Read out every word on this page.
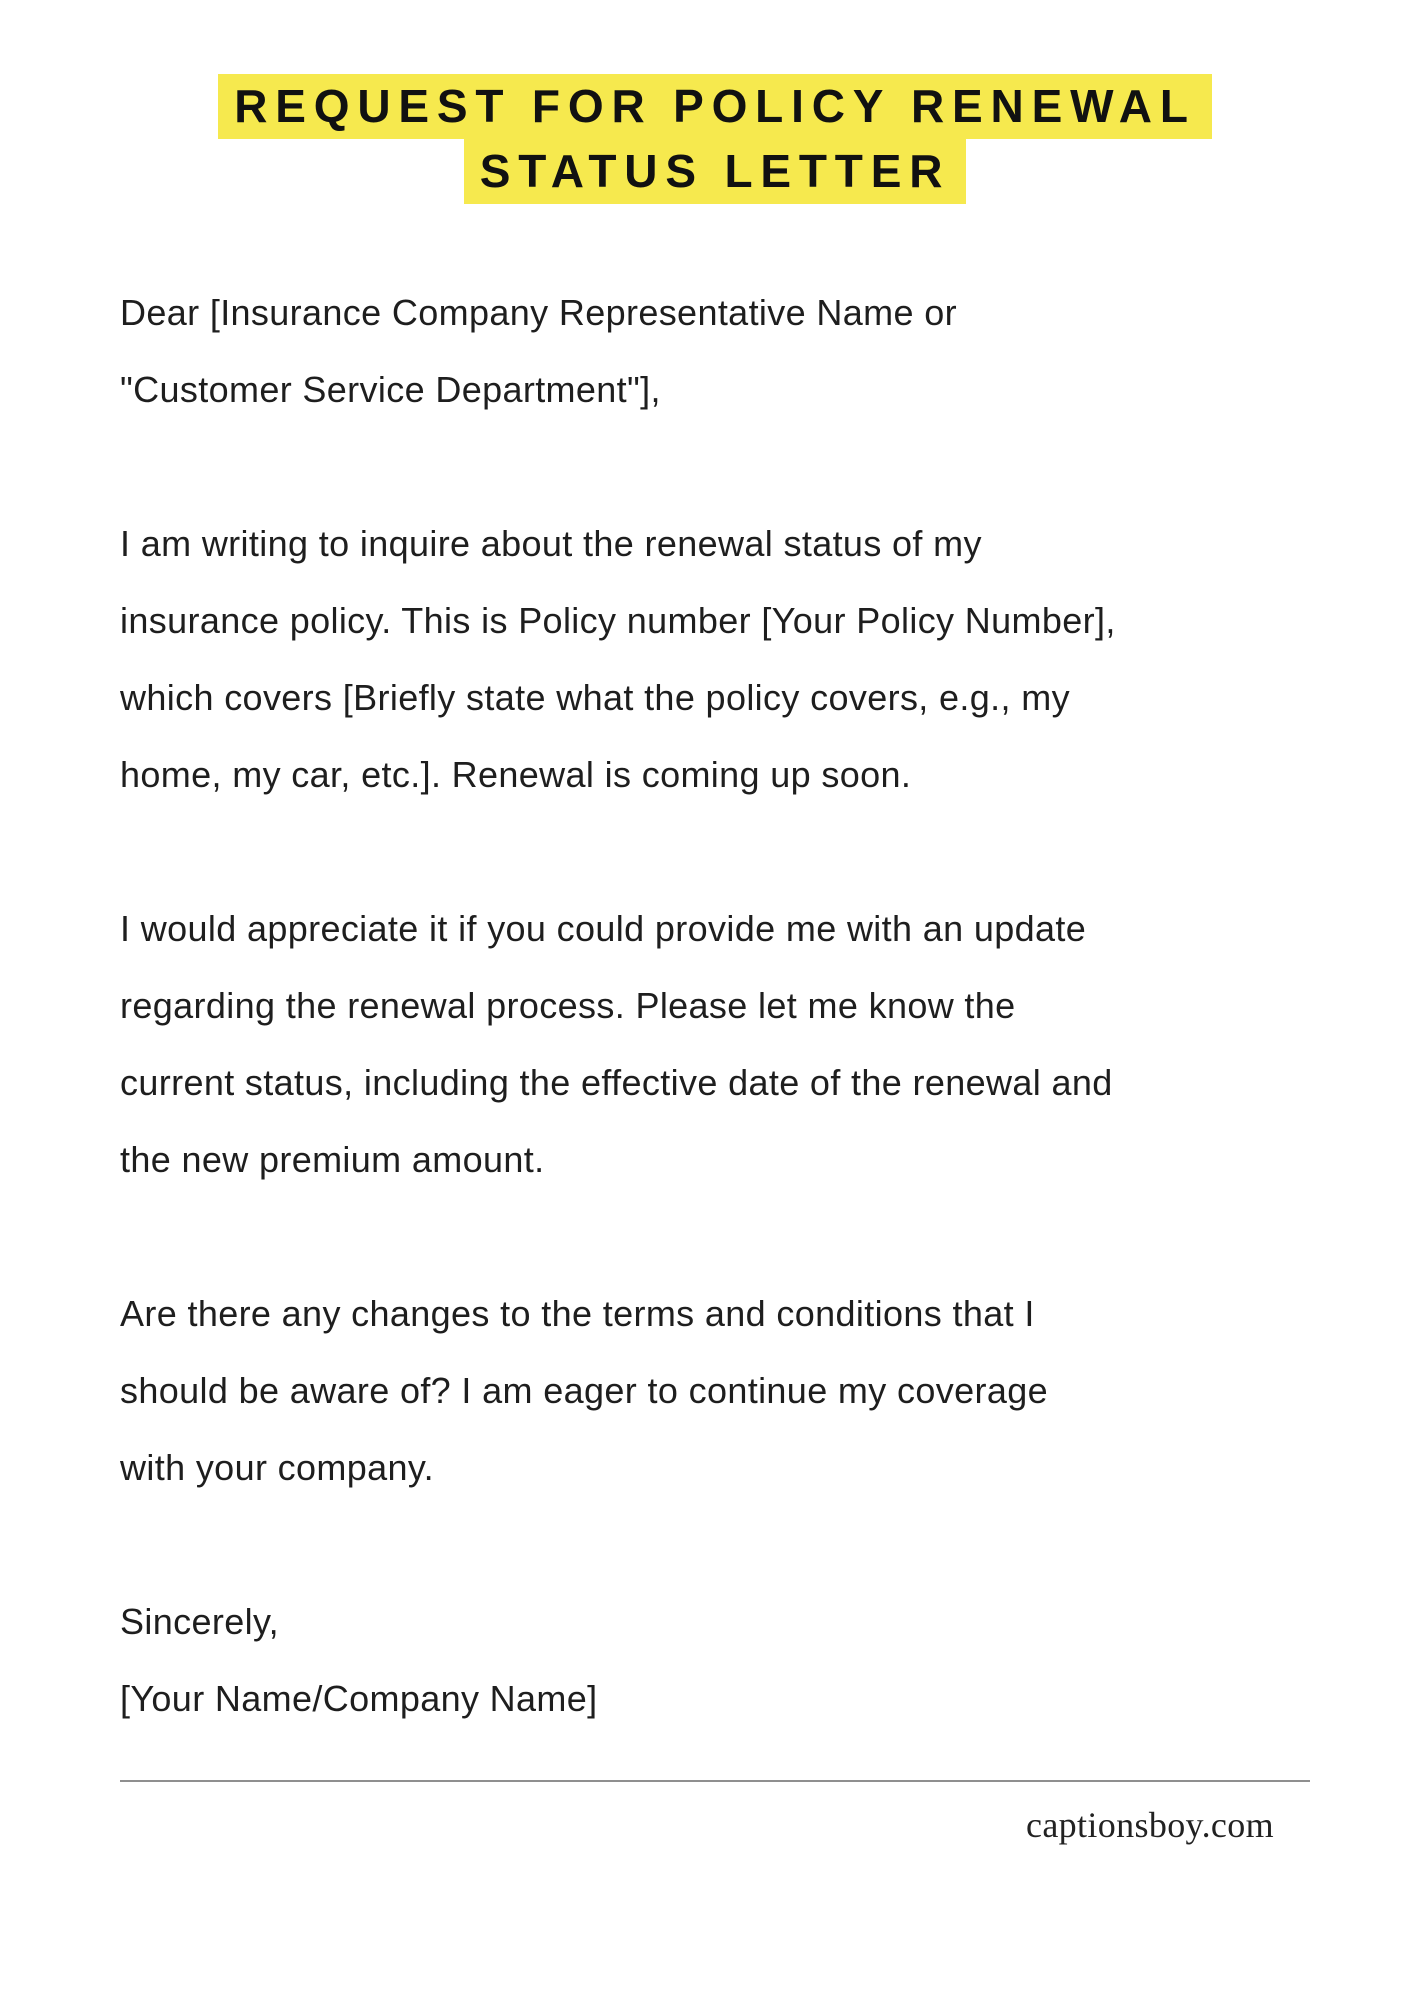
REQUEST FOR POLICY RENEWAL
STATUS LETTER

Dear [Insurance Company Representative Name or "Customer Service Department"],

I am writing to inquire about the renewal status of my insurance policy. This is Policy number [Your Policy Number], which covers [Briefly state what the policy covers, e.g., my home, my car, etc.]. Renewal is coming up soon.

I would appreciate it if you could provide me with an update regarding the renewal process. Please let me know the current status, including the effective date of the renewal and the new premium amount.

Are there any changes to the terms and conditions that I should be aware of? I am eager to continue my coverage with your company.

Sincerely,

[Your Name/Company Name]

captionsboy.com
